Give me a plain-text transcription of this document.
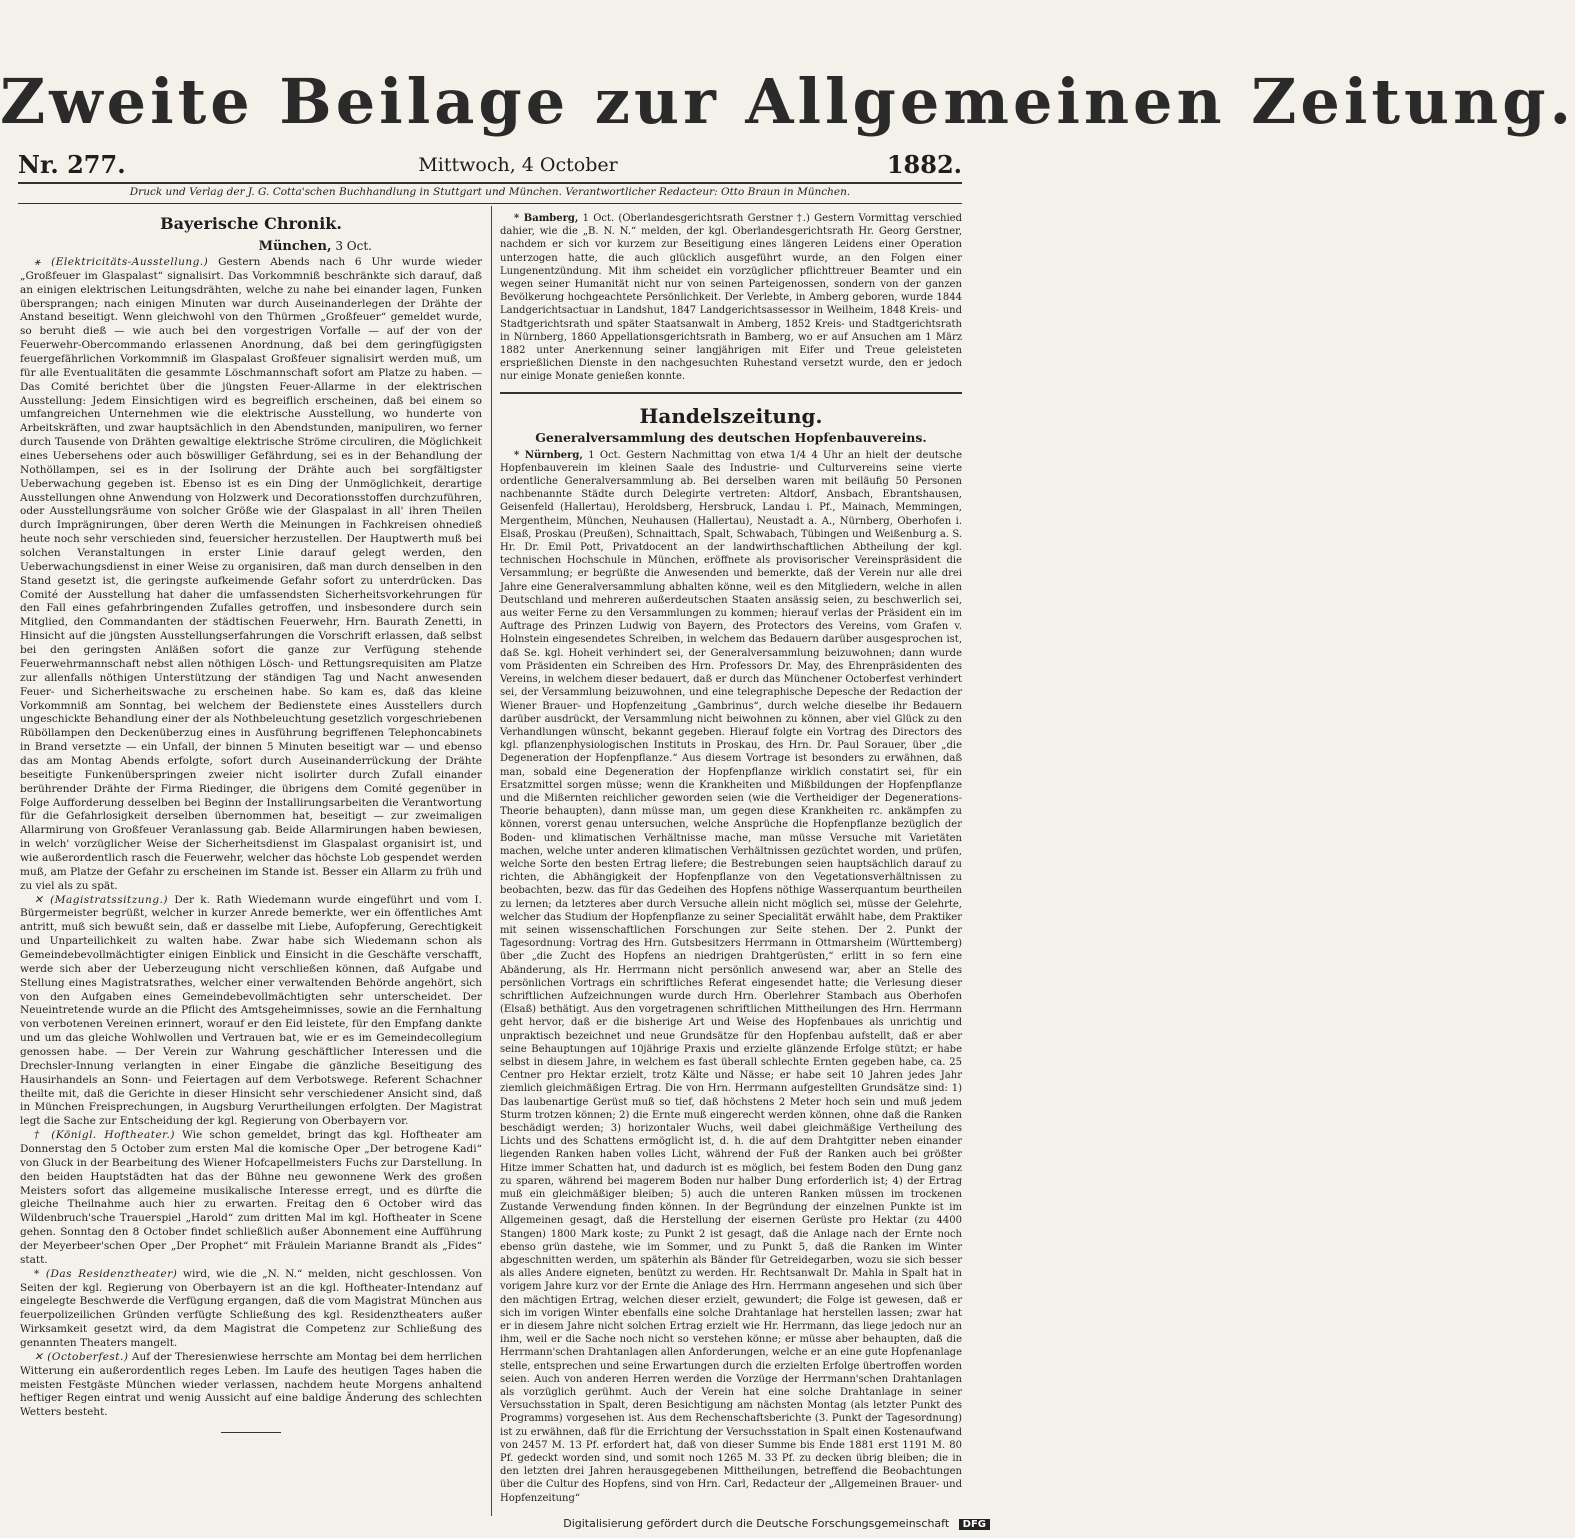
Zweite Beilage zur Allgemeinen Zeitung.
Nr. 277.	Mittwoch, 4 October	1882.
Druck und Verlag der J. G. Cotta'schen Buchhandlung in Stuttgart und München. Verantwortlicher Redacteur: Otto Braun in München.
Bayerische Chronik.
München, 3 Oct.

⚹ (Elektricitäts-Ausstellung.) Gestern Abends nach 6 Uhr wurde wieder „Großfeuer im Glaspalast“ signalisirt. Das Vorkommniß beschränkte sich darauf, daß an einigen elektrischen Leitungsdrähten, welche zu nahe bei einander lagen, Funken übersprangen; nach einigen Minuten war durch Auseinanderlegen der Drähte der Anstand beseitigt. Wenn gleichwohl von den Thürmen „Großfeuer“ gemeldet wurde, so beruht dieß — wie auch bei den vorgestrigen Vorfalle — auf der von der Feuerwehr-Obercommando erlassenen Anordnung, daß bei dem geringfügigsten feuergefährlichen Vorkommniß im Glaspalast Großfeuer signalisirt werden muß, um für alle Eventualitäten die gesammte Löschmannschaft sofort am Platze zu haben. — Das Comité berichtet über die jüngsten Feuer-Allarme in der elektrischen Ausstellung: Jedem Einsichtigen wird es begreiflich erscheinen, daß bei einem so umfangreichen Unternehmen wie die elektrische Ausstellung, wo hunderte von Arbeitskräften, und zwar hauptsächlich in den Abendstunden, manipuliren, wo ferner durch Tausende von Drähten gewaltige elektrische Ströme circuliren, die Möglichkeit eines Uebersehens oder auch böswilliger Gefährdung, sei es in der Behandlung der Nothöllampen, sei es in der Isolirung der Drähte auch bei sorgfältigster Ueberwachung gegeben ist. Ebenso ist es ein Ding der Unmöglichkeit, derartige Ausstellungen ohne Anwendung von Holzwerk und Decorationsstoffen durchzuführen, oder Ausstellungsräume von solcher Größe wie der Glaspalast in all' ihren Theilen durch Imprägnirungen, über deren Werth die Meinungen in Fachkreisen ohnedieß heute noch sehr verschieden sind, feuersicher herzustellen. Der Hauptwerth muß bei solchen Veranstaltungen in erster Linie darauf gelegt werden, den Ueberwachungsdienst in einer Weise zu organisiren, daß man durch denselben in den Stand gesetzt ist, die geringste aufkeimende Gefahr sofort zu unterdrücken. Das Comité der Ausstellung hat daher die umfassendsten Sicherheitsvorkehrungen für den Fall eines gefahrbringenden Zufalles getroffen, und insbesondere durch sein Mitglied, den Commandanten der städtischen Feuerwehr, Hrn. Baurath Zenetti, in Hinsicht auf die jüngsten Ausstellungserfahrungen die Vorschrift erlassen, daß selbst bei den geringsten Anläßen sofort die ganze zur Verfügung stehende Feuerwehrmannschaft nebst allen nöthigen Lösch- und Rettungsrequisiten am Platze zur allenfalls nöthigen Unterstützung der ständigen Tag und Nacht anwesenden Feuer- und Sicherheitswache zu erscheinen habe. So kam es, daß das kleine Vorkommniß am Sonntag, bei welchem der Bedienstete eines Ausstellers durch ungeschickte Behandlung einer der als Nothbeleuchtung gesetzlich vorgeschriebenen Rüböllampen den Deckenüberzug eines in Ausführung begriffenen Telephoncabinets in Brand versetzte — ein Unfall, der binnen 5 Minuten beseitigt war — und ebenso das am Montag Abends erfolgte, sofort durch Auseinanderrückung der Drähte beseitigte Funkenüberspringen zweier nicht isolirter durch Zufall einander berührender Drähte der Firma Riedinger, die übrigens dem Comité gegenüber in Folge Aufforderung desselben bei Beginn der Installirungsarbeiten die Verantwortung für die Gefahrlosigkeit derselben übernommen hat, beseitigt — zur zweimaligen Allarmirung von Großfeuer Veranlassung gab. Beide Allarmirungen haben bewiesen, in welch' vorzüglicher Weise der Sicherheitsdienst im Glaspalast organisirt ist, und wie außerordentlich rasch die Feuerwehr, welcher das höchste Lob gespendet werden muß, am Platze der Gefahr zu erscheinen im Stande ist. Besser ein Allarm zu früh und zu viel als zu spät.

✕ (Magistratssitzung.) Der k. Rath Wiedemann wurde eingeführt und vom I. Bürgermeister begrüßt, welcher in kurzer Anrede bemerkte, wer ein öffentliches Amt antritt, muß sich bewußt sein, daß er dasselbe mit Liebe, Aufopferung, Gerechtigkeit und Unparteilichkeit zu walten habe. Zwar habe sich Wiedemann schon als Gemeindebevollmächtigter einigen Einblick und Einsicht in die Geschäfte verschafft, werde sich aber der Ueberzeugung nicht verschließen können, daß Aufgabe und Stellung eines Magistratsrathes, welcher einer verwaltenden Behörde angehört, sich von den Aufgaben eines Gemeindebevollmächtigten sehr unterscheidet. Der Neueintretende wurde an die Pflicht des Amtsgeheimnisses, sowie an die Fernhaltung von verbotenen Vereinen erinnert, worauf er den Eid leistete, für den Empfang dankte und um das gleiche Wohlwollen und Vertrauen bat, wie er es im Gemeindecollegium genossen habe. — Der Verein zur Wahrung geschäftlicher Interessen und die Drechsler-Innung verlangten in einer Eingabe die gänzliche Beseitigung des Hausirhandels an Sonn- und Feiertagen auf dem Verbotswege. Referent Schachner theilte mit, daß die Gerichte in dieser Hinsicht sehr verschiedener Ansicht sind, daß in München Freisprechungen, in Augsburg Verurtheilungen erfolgten. Der Magistrat legt die Sache zur Entscheidung der kgl. Regierung von Oberbayern vor.

† (Königl. Hoftheater.) Wie schon gemeldet, bringt das kgl. Hoftheater am Donnerstag den 5 October zum ersten Mal die komische Oper „Der betrogene Kadi“ von Gluck in der Bearbeitung des Wiener Hofcapellmeisters Fuchs zur Darstellung. In den beiden Hauptstädten hat das der Bühne neu gewonnene Werk des großen Meisters sofort das allgemeine musikalische Interesse erregt, und es dürfte die gleiche Theilnahme auch hier zu erwarten. Freitag den 6 October wird das Wildenbruch'sche Trauerspiel „Harold“ zum dritten Mal im kgl. Hoftheater in Scene gehen. Sonntag den 8 October findet schließlich außer Abonnement eine Aufführung der Meyerbeer'schen Oper „Der Prophet“ mit Fräulein Marianne Brandt als „Fides“ statt.

* (Das Residenztheater) wird, wie die „N. N.“ melden, nicht geschlossen. Von Seiten der kgl. Regierung von Oberbayern ist an die kgl. Hoftheater-Intendanz auf eingelegte Beschwerde die Verfügung ergangen, daß die vom Magistrat München aus feuerpolizeilichen Gründen verfügte Schließung des kgl. Residenztheaters außer Wirksamkeit gesetzt wird, da dem Magistrat die Competenz zur Schließung des genannten Theaters mangelt.

✕ (Octoberfest.) Auf der Theresienwiese herrschte am Montag bei dem herrlichen Witterung ein außerordentlich reges Leben. Im Laufe des heutigen Tages haben die meisten Festgäste München wieder verlassen, nachdem heute Morgens anhaltend heftiger Regen eintrat und wenig Aussicht auf eine baldige Änderung des schlechten Wetters besteht.

* Bamberg, 1 Oct. (Oberlandesgerichtsrath Gerstner †.) Gestern Vormittag verschied dahier, wie die „B. N. N.“ melden, der kgl. Oberlandesgerichtsrath Hr. Georg Gerstner, nachdem er sich vor kurzem zur Beseitigung eines längeren Leidens einer Operation unterzogen hatte, die auch glücklich ausgeführt wurde, an den Folgen einer Lungenentzündung. Mit ihm scheidet ein vorzüglicher pflichttreuer Beamter und ein wegen seiner Humanität nicht nur von seinen Parteigenossen, sondern von der ganzen Bevölkerung hochgeachtete Persönlichkeit. Der Verlebte, in Amberg geboren, wurde 1844 Landgerichtsactuar in Landshut, 1847 Landgerichtsassessor in Weilheim, 1848 Kreis- und Stadtgerichtsrath und später Staatsanwalt in Amberg, 1852 Kreis- und Stadtgerichtsrath in Nürnberg, 1860 Appellationsgerichtsrath in Bamberg, wo er auf Ansuchen am 1 März 1882 unter Anerkennung seiner langjährigen mit Eifer und Treue geleisteten ersprießlichen Dienste in den nachgesuchten Ruhestand versetzt wurde, den er jedoch nur einige Monate genießen konnte.

Handelszeitung.
Generalversammlung des deutschen Hopfenbauvereins.

* Nürnberg, 1 Oct. Gestern Nachmittag von etwa 1/4 4 Uhr an hielt der deutsche Hopfenbauverein im kleinen Saale des Industrie- und Culturvereins seine vierte ordentliche Generalversammlung ab. Bei derselben waren mit beiläufig 50 Personen nachbenannte Städte durch Delegirte vertreten: Altdorf, Ansbach, Ebrantshausen, Geisenfeld (Hallertau), Heroldsberg, Hersbruck, Landau i. Pf., Mainach, Memmingen, Mergentheim, München, Neuhausen (Hallertau), Neustadt a. A., Nürnberg, Oberhofen i. Elsaß, Proskau (Preußen), Schnaittach, Spalt, Schwabach, Tübingen und Weißenburg a. S. Hr. Dr. Emil Pott, Privatdocent an der landwirthschaftlichen Abtheilung der kgl. technischen Hochschule in München, eröffnete als provisorischer Vereinspräsident die Versammlung; er begrüßte die Anwesenden und bemerkte, daß der Verein nur alle drei Jahre eine Generalversammlung abhalten könne, weil es den Mitgliedern, welche in allen Deutschland und mehreren außerdeutschen Staaten ansässig seien, zu beschwerlich sei, aus weiter Ferne zu den Versammlungen zu kommen; hierauf verlas der Präsident ein im Auftrage des Prinzen Ludwig von Bayern, des Protectors des Vereins, vom Grafen v. Holnstein eingesendetes Schreiben, in welchem das Bedauern darüber ausgesprochen ist, daß Se. kgl. Hoheit verhindert sei, der Generalversammlung beizuwohnen; dann wurde vom Präsidenten ein Schreiben des Hrn. Professors Dr. May, des Ehrenpräsidenten des Vereins, in welchem dieser bedauert, daß er durch das Münchener Octoberfest verhindert sei, der Versammlung beizuwohnen, und eine telegraphische Depesche der Redaction der Wiener Brauer- und Hopfenzeitung „Gambrinus“, durch welche dieselbe ihr Bedauern darüber ausdrückt, der Versammlung nicht beiwohnen zu können, aber viel Glück zu den Verhandlungen wünscht, bekannt gegeben. Hierauf folgte ein Vortrag des Directors des kgl. pflanzenphysiologischen Instituts in Proskau, des Hrn. Dr. Paul Sorauer, über „die Degeneration der Hopfenpflanze.“ Aus diesem Vortrage ist besonders zu erwähnen, daß man, sobald eine Degeneration der Hopfenpflanze wirklich constatirt sei, für ein Ersatzmittel sorgen müsse; wenn die Krankheiten und Mißbildungen der Hopfenpflanze und die Mißernten reichlicher geworden seien (wie die Vertheidiger der Degenerations-Theorie behaupten), dann müsse man, um gegen diese Krankheiten rc. ankämpfen zu können, vorerst genau untersuchen, welche Ansprüche die Hopfenpflanze bezüglich der Boden- und klimatischen Verhältnisse mache, man müsse Versuche mit Varietäten machen, welche unter anderen klimatischen Verhältnissen gezüchtet worden, und prüfen, welche Sorte den besten Ertrag liefere; die Bestrebungen seien hauptsächlich darauf zu richten, die Abhängigkeit der Hopfenpflanze von den Vegetationsverhältnissen zu beobachten, bezw. das für das Gedeihen des Hopfens nöthige Wasserquantum beurtheilen zu lernen; da letzteres aber durch Versuche allein nicht möglich sei, müsse der Gelehrte, welcher das Studium der Hopfenpflanze zu seiner Specialität erwählt habe, dem Praktiker mit seinen wissenschaftlichen Forschungen zur Seite stehen. Der 2. Punkt der Tagesordnung: Vortrag des Hrn. Gutsbesitzers Herrmann in Ottmarsheim (Württemberg) über „die Zucht des Hopfens an niedrigen Drahtgerüsten,“ erlitt in so fern eine Abänderung, als Hr. Herrmann nicht persönlich anwesend war, aber an Stelle des persönlichen Vortrags ein schriftliches Referat eingesendet hatte; die Verlesung dieser schriftlichen Aufzeichnungen wurde durch Hrn. Oberlehrer Stambach aus Oberhofen (Elsaß) bethätigt. Aus den vorgetragenen schriftlichen Mittheilungen des Hrn. Herrmann geht hervor, daß er die bisherige Art und Weise des Hopfenbaues als unrichtig und unpraktisch bezeichnet und neue Grundsätze für den Hopfenbau aufstellt, daß er aber seine Behauptungen auf 10jährige Praxis und erzielte glänzende Erfolge stützt; er habe selbst in diesem Jahre, in welchem es fast überall schlechte Ernten gegeben habe, ca. 25 Centner pro Hektar erzielt, trotz Kälte und Nässe; er habe seit 10 Jahren jedes Jahr ziemlich gleichmäßigen Ertrag. Die von Hrn. Herrmann aufgestellten Grundsätze sind: 1) Das laubenartige Gerüst muß so tief, daß höchstens 2 Meter hoch sein und muß jedem Sturm trotzen können; 2) die Ernte muß eingerecht werden können, ohne daß die Ranken beschädigt werden; 3) horizontaler Wuchs, weil dabei gleichmäßige Vertheilung des Lichts und des Schattens ermöglicht ist, d. h. die auf dem Drahtgitter neben einander liegenden Ranken haben volles Licht, während der Fuß der Ranken auch bei größter Hitze immer Schatten hat, und dadurch ist es möglich, bei festem Boden den Dung ganz zu sparen, während bei magerem Boden nur halber Dung erforderlich ist; 4) der Ertrag muß ein gleichmäßiger bleiben; 5) auch die unteren Ranken müssen im trockenen Zustande Verwendung finden können. In der Begründung der einzelnen Punkte ist im Allgemeinen gesagt, daß die Herstellung der eisernen Gerüste pro Hektar (zu 4400 Stangen) 1800 Mark koste; zu Punkt 2 ist gesagt, daß die Anlage nach der Ernte noch ebenso grün dastehe, wie im Sommer, und zu Punkt 5, daß die Ranken im Winter abgeschnitten werden, um späterhin als Bänder für Getreidegarben, wozu sie sich besser als alles Andere eigneten, benützt zu werden. Hr. Rechtsanwalt Dr. Mahla in Spalt hat in vorigem Jahre kurz vor der Ernte die Anlage des Hrn. Herrmann angesehen und sich über den mächtigen Ertrag, welchen dieser erzielt, gewundert; die Folge ist gewesen, daß er sich im vorigen Winter ebenfalls eine solche Drahtanlage hat herstellen lassen; zwar hat er in diesem Jahre nicht solchen Ertrag erzielt wie Hr. Herrmann, das liege jedoch nur an ihm, weil er die Sache noch nicht so verstehen könne; er müsse aber behaupten, daß die Herrmann'schen Drahtanlagen allen Anforderungen, welche er an eine gute Hopfenanlage stelle, entsprechen und seine Erwartungen durch die erzielten Erfolge übertroffen worden seien. Auch von anderen Herren werden die Vorzüge der Herrmann'schen Drahtanlagen als vorzüglich gerühmt. Auch der Verein hat eine solche Drahtanlage in seiner Versuchsstation in Spalt, deren Besichtigung am nächsten Montag (als letzter Punkt des Programms) vorgesehen ist. Aus dem Rechenschaftsberichte (3. Punkt der Tagesordnung) ist zu erwähnen, daß für die Errichtung der Versuchsstation in Spalt einen Kostenaufwand von 2457 M. 13 Pf. erfordert hat, daß von dieser Summe bis Ende 1881 erst 1191 M. 80 Pf. gedeckt worden sind, und somit noch 1265 M. 33 Pf. zu decken übrig bleiben; die in den letzten drei Jahren herausgegebenen Mittheilungen, betreffend die Beobachtungen über die Cultur des Hopfens, sind von Hrn. Carl, Redacteur der „Allgemeinen Brauer- und Hopfenzeitung“

Digitalisierung gefördert durch die Deutsche Forschungsgemeinschaft DFG
